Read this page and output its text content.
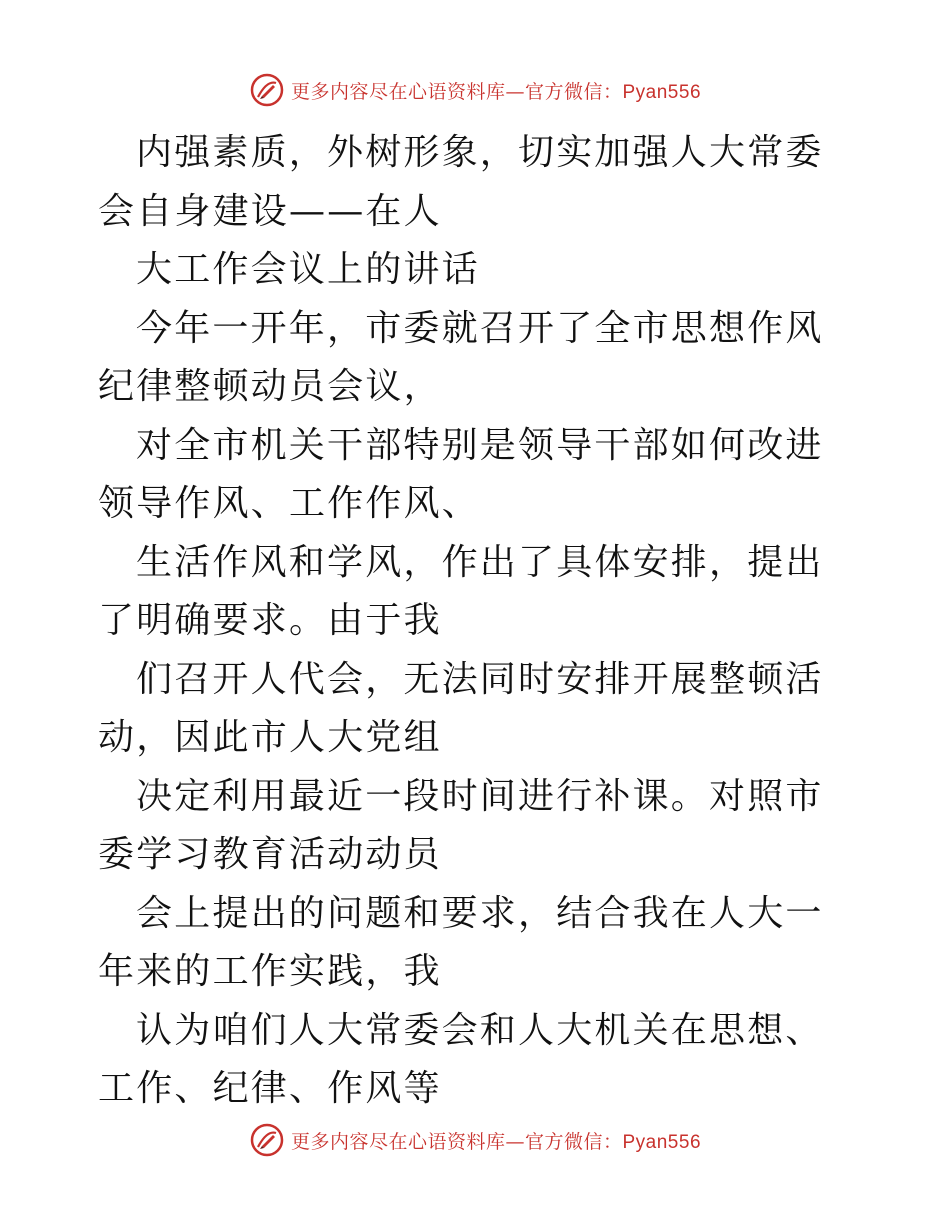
更多内容尽在心语资料库—官方微信：Pyan556

内强素质，外树形象，切实加强人大常委会自身建设——在人

大工作会议上的讲话

今年一开年，市委就召开了全市思想作风纪律整顿动员会议，

对全市机关干部特别是领导干部如何改进领导作风、工作作风、

生活作风和学风，作出了具体安排，提出了明确要求。由于我

们召开人代会，无法同时安排开展整顿活动，因此市人大党组

决定利用最近一段时间进行补课。对照市委学习教育活动动员

会上提出的问题和要求，结合我在人大一年来的工作实践，我

认为咱们人大常委会和人大机关在思想、工作、纪律、作风等

更多内容尽在心语资料库—官方微信：Pyan556
